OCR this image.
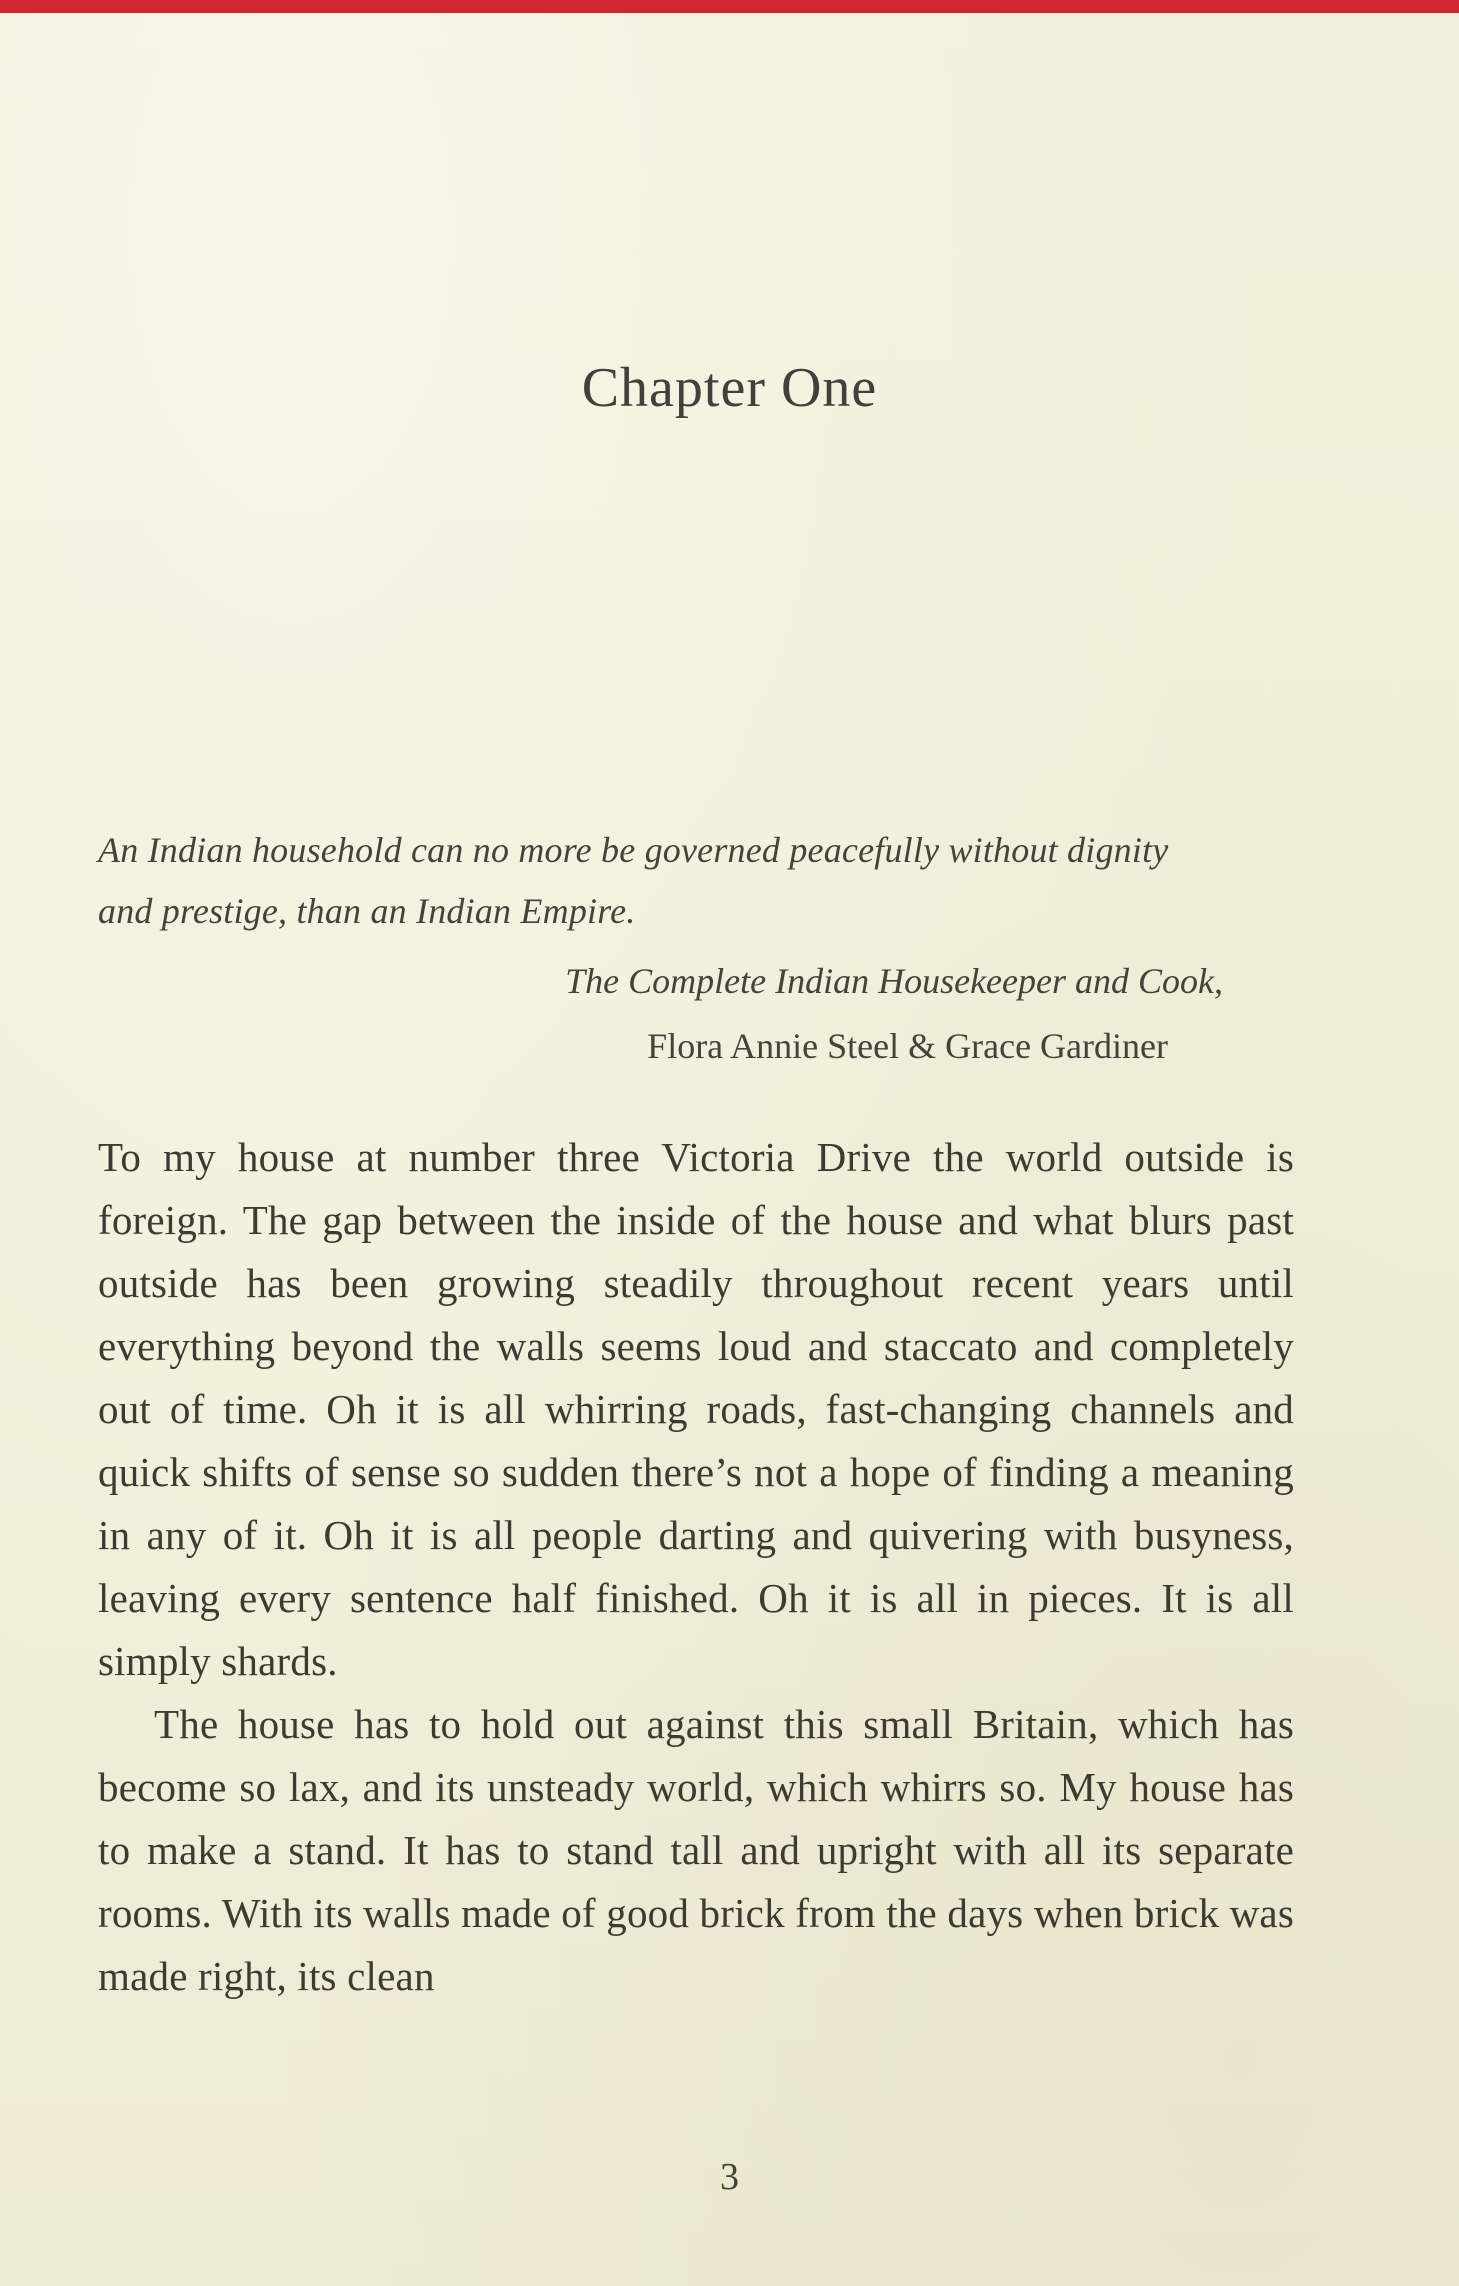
Chapter One

An Indian household can no more be governed peacefully without dignity and prestige, than an Indian Empire.

The Complete Indian Housekeeper and Cook,

Flora Annie Steel & Grace Gardiner

To my house at number three Victoria Drive the world outside is foreign. The gap between the inside of the house and what blurs past outside has been growing steadily throughout recent years until everything beyond the walls seems loud and staccato and completely out of time. Oh it is all whirring roads, fast-changing channels and quick shifts of sense so sudden there’s not a hope of finding a meaning in any of it. Oh it is all people darting and quivering with busyness, leaving every sentence half finished. Oh it is all in pieces. It is all simply shards.

The house has to hold out against this small Britain, which has become so lax, and its unsteady world, which whirrs so. My house has to make a stand. It has to stand tall and upright with all its separate rooms. With its walls made of good brick from the days when brick was made right, its clean

3
